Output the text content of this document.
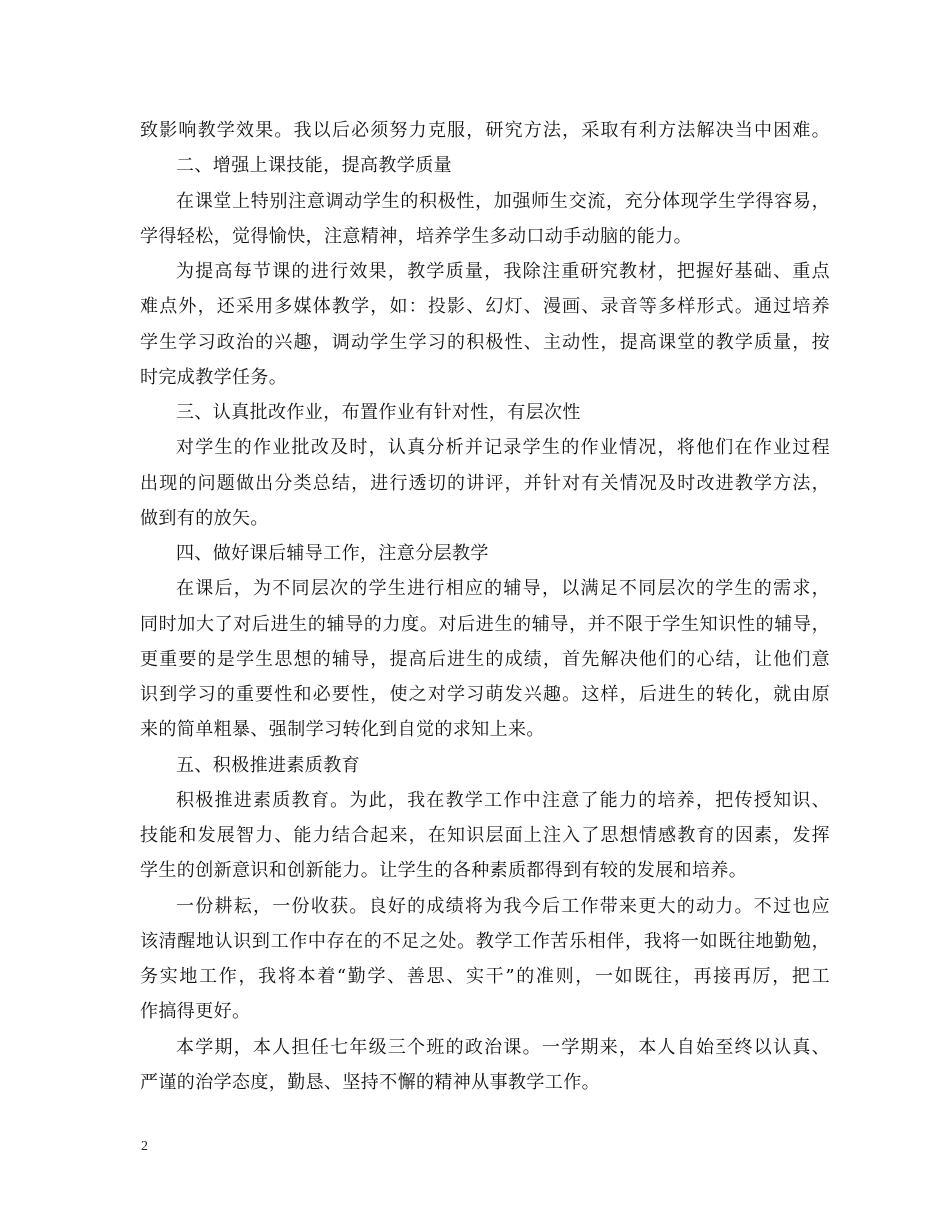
致影响教学效果。我以后必须努力克服，研究方法，采取有利方法解决当中困难。
二、增强上课技能，提高教学质量
在课堂上特别注意调动学生的积极性，加强师生交流，充分体现学生学得容易，
学得轻松，觉得愉快，注意精神，培养学生多动口动手动脑的能力。
为提高每节课的进行效果，教学质量，我除注重研究教材，把握好基础、重点
难点外，还采用多媒体教学，如：投影、幻灯、漫画、录音等多样形式。通过培养
学生学习政治的兴趣，调动学生学习的积极性、主动性，提高课堂的教学质量，按
时完成教学任务。
三、认真批改作业，布置作业有针对性，有层次性
对学生的作业批改及时，认真分析并记录学生的作业情况，将他们在作业过程
出现的问题做出分类总结，进行透切的讲评，并针对有关情况及时改进教学方法，
做到有的放矢。
四、做好课后辅导工作，注意分层教学
在课后，为不同层次的学生进行相应的辅导，以满足不同层次的学生的需求，
同时加大了对后进生的辅导的力度。对后进生的辅导，并不限于学生知识性的辅导，
更重要的是学生思想的辅导，提高后进生的成绩，首先解决他们的心结，让他们意
识到学习的重要性和必要性，使之对学习萌发兴趣。这样，后进生的转化，就由原
来的简单粗暴、强制学习转化到自觉的求知上来。
五、积极推进素质教育
积极推进素质教育。为此，我在教学工作中注意了能力的培养，把传授知识、
技能和发展智力、能力结合起来，在知识层面上注入了思想情感教育的因素，发挥
学生的创新意识和创新能力。让学生的各种素质都得到有较的发展和培养。
一份耕耘，一份收获。良好的成绩将为我今后工作带来更大的动力。不过也应
该清醒地认识到工作中存在的不足之处。教学工作苦乐相伴，我将一如既往地勤勉，
务实地工作，我将本着“勤学、善思、实干”的准则，一如既往，再接再厉，把工
作搞得更好。
本学期，本人担任七年级三个班的政治课。一学期来，本人自始至终以认真、
严谨的治学态度，勤恳、坚持不懈的精神从事教学工作。
2
